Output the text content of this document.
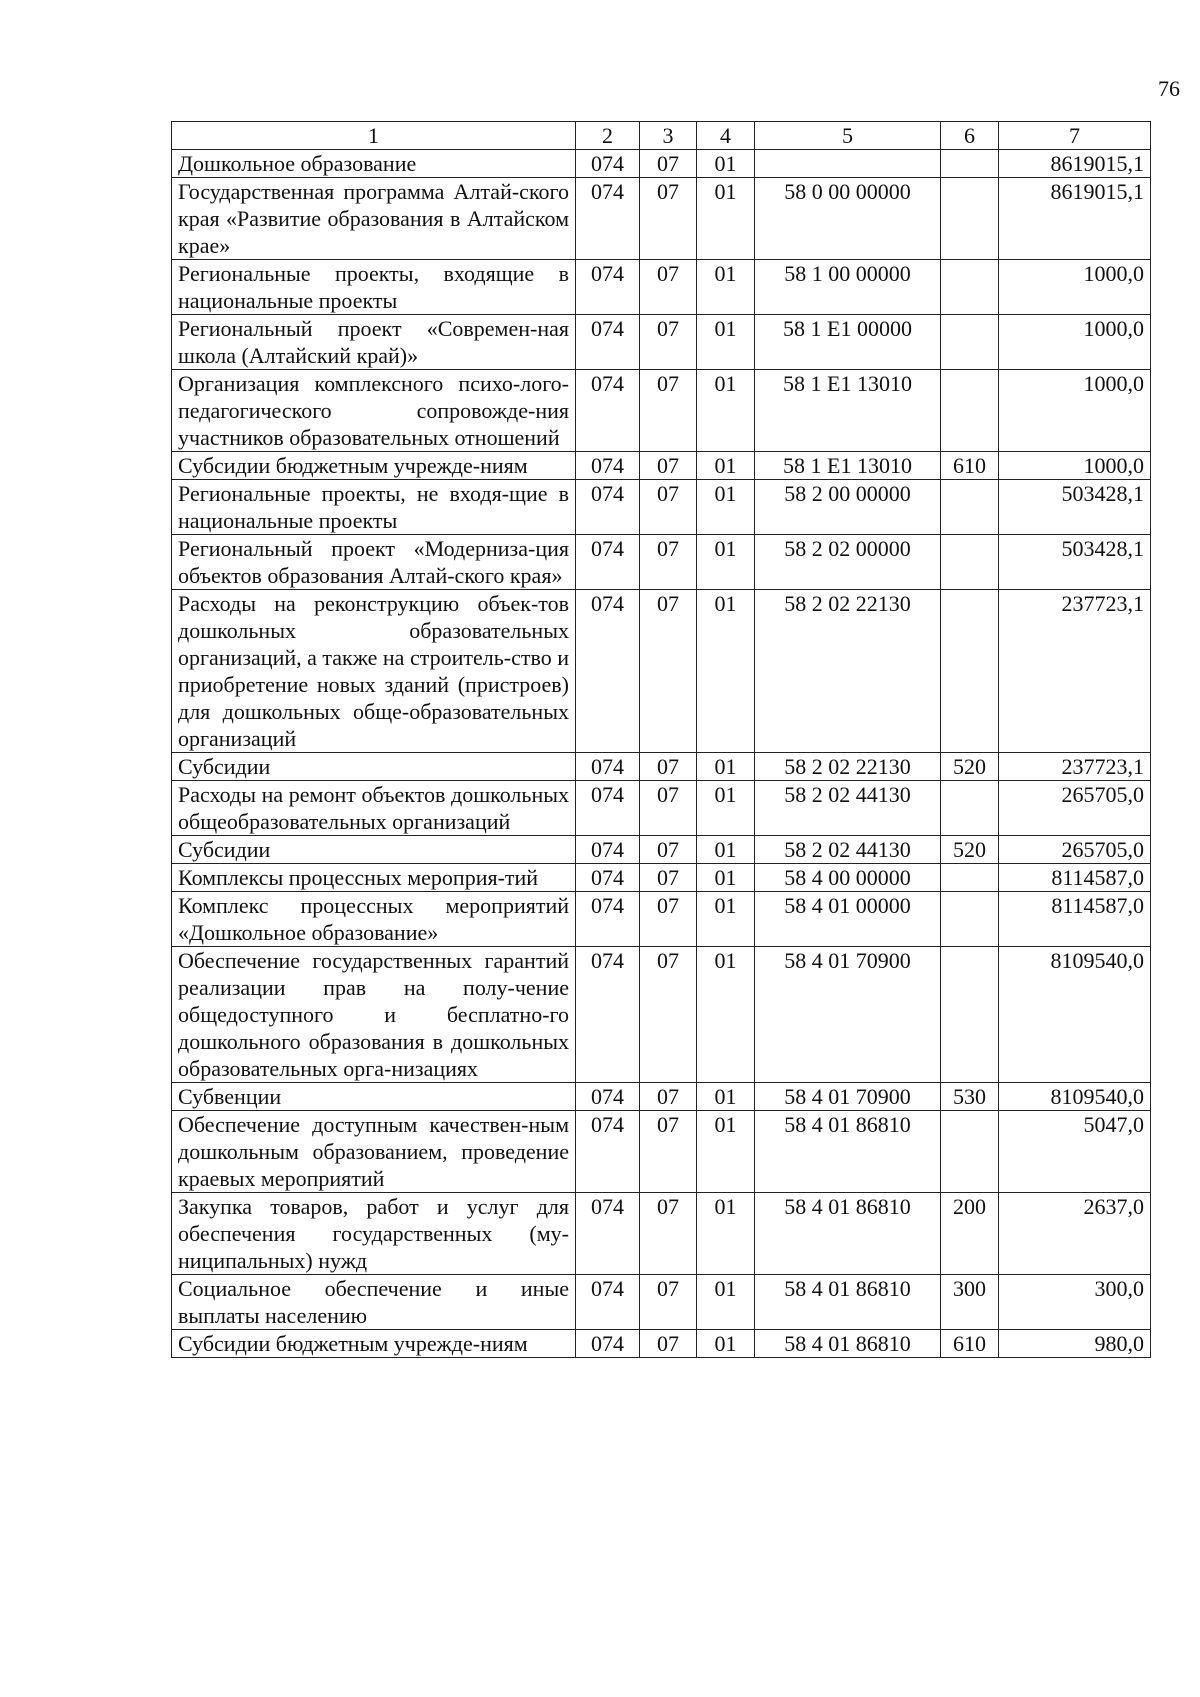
76
1	2	3	4	5	6	7
Дошкольное образование	074	07	01			8619015,1
Государственная программа Алтай-ского края «Развитие образования в Алтайском крае»	074	07	01	58 0 00 00000		8619015,1
Региональные проекты, входящие в национальные проекты	074	07	01	58 1 00 00000		1000,0
Региональный проект «Современ-ная школа (Алтайский край)»	074	07	01	58 1 E1 00000		1000,0
Организация комплексного психо-лого-педагогического сопровожде-ния участников образовательных отношений	074	07	01	58 1 E1 13010		1000,0
Субсидии бюджетным учрежде-ниям	074	07	01	58 1 E1 13010	610	1000,0
Региональные проекты, не входя-щие в национальные проекты	074	07	01	58 2 00 00000		503428,1
Региональный проект «Модерниза-ция объектов образования Алтай-ского края»	074	07	01	58 2 02 00000		503428,1
Расходы на реконструкцию объек-тов дошкольных образовательных организаций, а также на строитель-ство и приобретение новых зданий (пристроев) для дошкольных обще-образовательных организаций	074	07	01	58 2 02 22130		237723,1
Субсидии	074	07	01	58 2 02 22130	520	237723,1
Расходы на ремонт объектов дошкольных общеобразовательных организаций	074	07	01	58 2 02 44130		265705,0
Субсидии	074	07	01	58 2 02 44130	520	265705,0
Комплексы процессных мероприя-тий	074	07	01	58 4 00 00000		8114587,0
Комплекс процессных мероприятий «Дошкольное образование»	074	07	01	58 4 01 00000		8114587,0
Обеспечение государственных гарантий реализации прав на полу-чение общедоступного и бесплатно-го дошкольного образования в дошкольных образовательных орга-низациях	074	07	01	58 4 01 70900		8109540,0
Субвенции	074	07	01	58 4 01 70900	530	8109540,0
Обеспечение доступным качествен-ным дошкольным образованием, проведение краевых мероприятий	074	07	01	58 4 01 86810		5047,0
Закупка товаров, работ и услуг для обеспечения государственных (му-ниципальных) нужд	074	07	01	58 4 01 86810	200	2637,0
Социальное обеспечение и иные выплаты населению	074	07	01	58 4 01 86810	300	300,0
Субсидии бюджетным учрежде-ниям	074	07	01	58 4 01 86810	610	980,0
